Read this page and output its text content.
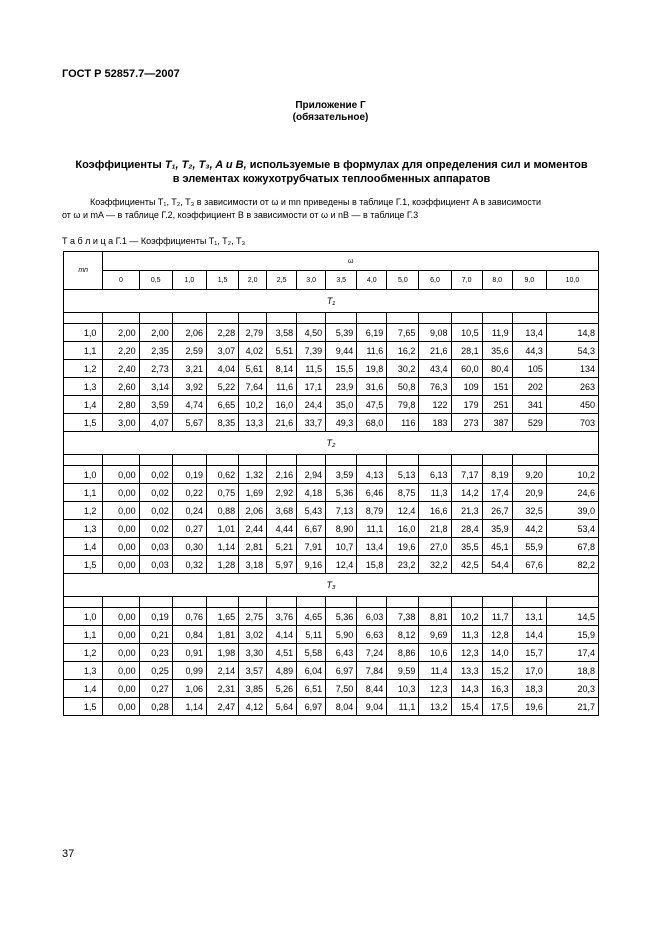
ГОСТ Р 52857.7—2007
Приложение Г
(обязательное)
Коэффициенты T₁, T₂, T₃, A и B, используемые в формулах для определения сил и моментов
в элементах кожухотрубчатых теплообменных аппаратов
Коэффициенты T₁, T₂, T₃ в зависимости от ω и mn приведены в таблице Г.1, коэффициент A в зависимости
от ω и mA — в таблице Г.2, коэффициент B в зависимости от ω и nB — в таблице Г.3
Т а б л и ц а Г.1 — Коэффициенты T₁, T₂, T₃
mn	ω														
	0	0,5	1,0	1,5	2,0	2,5	3,0	3,5	4,0	5,0	6,0	7,0	8,0	9,0	10,0
T₁															

1,0	2,00	2,00	2,06	2,28	2,79	3,58	4,50	5,39	6,19	7,65	9,08	10,5	11,9	13,4	14,8
1,1	2,20	2,35	2,59	3,07	4,02	5,51	7,39	9,44	11,6	16,2	21,6	28,1	35,6	44,3	54,3
1,2	2,40	2,73	3,21	4,04	5,61	8,14	11,5	15,5	19,8	30,2	43,4	60,0	80,4	105	134
1,3	2,60	3,14	3,92	5,22	7,64	11,6	17,1	23,9	31,6	50,8	76,3	109	151	202	263
1,4	2,80	3,59	4,74	6,65	10,2	16,0	24,4	35,0	47,5	79,8	122	179	251	341	450
1,5	3,00	4,07	5,67	8,35	13,3	21,6	33,7	49,3	68,0	116	183	273	387	529	703
T₂															

1,0	0,00	0,02	0,19	0,62	1,32	2,16	2,94	3,59	4,13	5,13	6,13	7,17	8,19	9,20	10,2
1,1	0,00	0,02	0,22	0,75	1,69	2,92	4,18	5,36	6,46	8,75	11,3	14,2	17,4	20,9	24,6
1,2	0,00	0,02	0,24	0,88	2,06	3,68	5,43	7,13	8,79	12,4	16,6	21,3	26,7	32,5	39,0
1,3	0,00	0,02	0,27	1,01	2,44	4,44	6,67	8,90	11,1	16,0	21,8	28,4	35,9	44,2	53,4
1,4	0,00	0,03	0,30	1,14	2,81	5,21	7,91	10,7	13,4	19,6	27,0	35,5	45,1	55,9	67,8
1,5	0,00	0,03	0,32	1,28	3,18	5,97	9,16	12,4	15,8	23,2	32,2	42,5	54,4	67,6	82,2
T₃															

1,0	0,00	0,19	0,76	1,65	2,75	3,76	4,65	5,36	6,03	7,38	8,81	10,2	11,7	13,1	14,5
1,1	0,00	0,21	0,84	1,81	3,02	4,14	5,11	5,90	6,63	8,12	9,69	11,3	12,8	14,4	15,9
1,2	0,00	0,23	0,91	1,98	3,30	4,51	5,58	6,43	7,24	8,86	10,6	12,3	14,0	15,7	17,4
1,3	0,00	0,25	0,99	2,14	3,57	4,89	6,04	6,97	7,84	9,59	11,4	13,3	15,2	17,0	18,8
1,4	0,00	0,27	1,06	2,31	3,85	5,26	6,51	7,50	8,44	10,3	12,3	14,3	16,3	18,3	20,3
1,5	0,00	0,28	1,14	2,47	4,12	5,64	6,97	8,04	9,04	11,1	13,2	15,4	17,5	19,6	21,7
37
